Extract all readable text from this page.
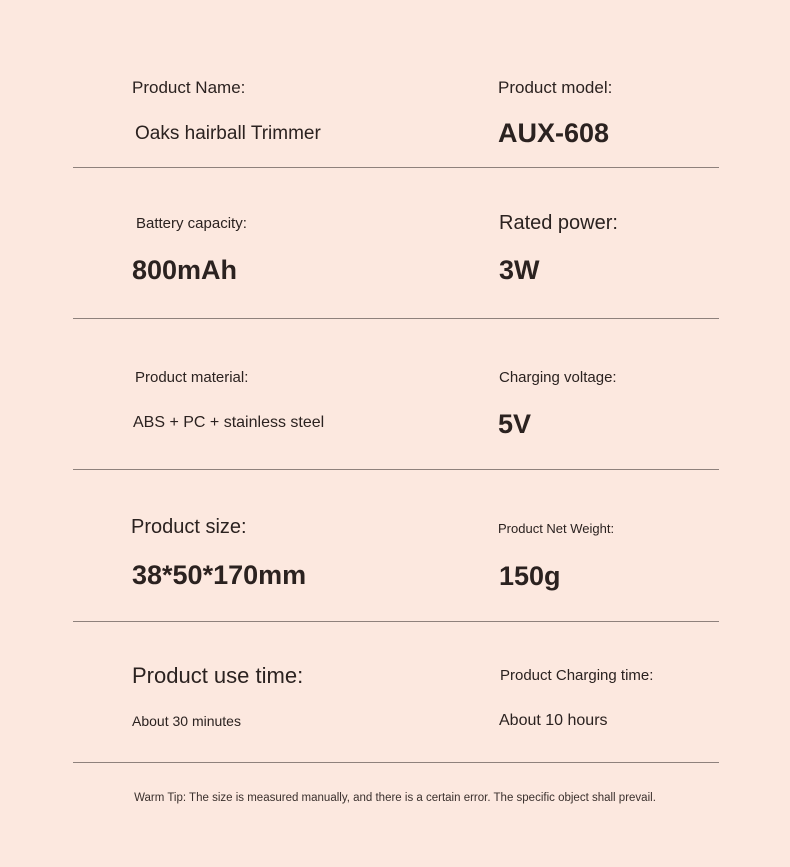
Product Name:
Oaks hairball Trimmer
Product model:
AUX-608
Battery capacity:
800mAh
Rated power:
3W
Product material:
ABS + PC + stainless steel
Charging voltage:
5V
Product size:
38*50*170mm
Product Net Weight:
150g
Product use time:
About 30 minutes
Product Charging time:
About 10 hours
Warm Tip: The size is measured manually, and there is a certain error. The specific object shall prevail.
